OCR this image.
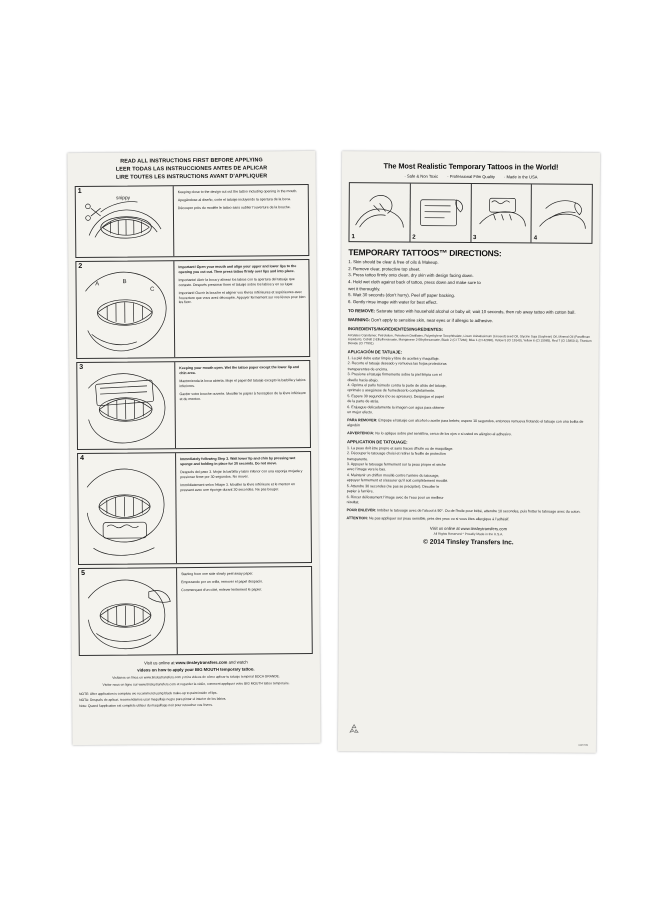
READ ALL INSTRUCTIONS FIRST BEFORE APPLYING
LEER TODAS LAS INSTRUCCIONES ANTES DE APLICAR
LIRE TOUTES LES INSTRUCTIONS AVANT D'APPLIQUER
1
snippy
Keeping close to the design cut out the tattoo including opening in the mouth.
Apegándose al diseño, corte el tatuaje incluyendo la apertura de la boca.
Découper près du modèle le tattoo sans oublier l'ouverture de la bouche.
2
A	B
C
Important! Open your mouth and align your upper and lower lips to the opening you cut out. Then press tattoo firmly over lips and into place.
Importante! Abrir la boca y alinear los labios con la apertura del tatuaje que cortaste. Después presionar firme el tatuaje sobre los labios y en su lugar.
Important! Ouvrir la bouche et aligner vos lèvres inférieures et supérieures avec l'ouverture que vous avez découpée. Appuyer fermement sur vos lèvres pour bien les fixer.
3	Keeping your mouth open. Wet the tattoo paper except the lower lip and chin area.
Mantenienda la boca abierta. Moje el papel del tatuaje excepto la barbilla y labios inferiores.
Garder votre bouche ouverte. Mouiller le papier à l'exception de la lèvre inférieure et du menton.
4	Immediately following Step 3. Wait lower lip and chin by pressing wet sponge and holding in place for 30 seconds. Do not move.
Después del paso 3. Mojar la barbilla y labio inferior con una esponja mojada y presionar firme por 30 segundos. No mover.
Immédiatement selon l'étape 3. Mouiller la lèvre inférieure et le menton en pressant avec une éponge durant 30 secondes. Ne pas bouger.
5	Starting from one side slowly peel away paper.
Empezando por un orilla, remover el papel despacio.
Commençant d'un côté, enlever lentement le papier.
Visit us online at www.tinsleytransfers.com and watch
videos on how to apply your BIG MOUTH temporary tattoo.
Visítanos en línea en www.tinsleytransfers.com y mira videos de cómo aplicar tu tatuaje temporal BOCA GRANDE.
Visiter nous en ligne sur www.tinsleytransfers.com et regarder la vidéo, comment appliquer votre BIG MOUTH tattoo temporaire.
NOTE: After application is complete we recommend using black make-up to paint inside of lips.
NOTA: Después de aplicar, recomendamos usar maquillaje negro para pintar el interior de los labios.
Note: Quand l'application est complète utiliser du maquillage noir pour retoucher vos lèvres.
The Most Realistic Temporary Tattoos in the World!
· Safe & Non Toxic · Professional Film Quality · Made in the USA
1	2	3	4
TEMPORARY TATTOOS™ DIRECTIONS:
1. Skin should be clear & free of oils & Makeup.
2. Remove clear, protective top sheet.
3. Press tattoo firmly onto clean, dry skin with design facing down.
4. Hold wet cloth against back of tattoo, press down and make sure to
wet it thoroughly.
5. Wait 30 seconds (don't hurry). Peel off paper backing.
6. Gently rinse image with water for best effect.
TO REMOVE: Saturate tattoo with household alcohol or baby oil; wait 10 seconds, then rub away tattoo with cotton ball.
WARNING: Don't apply to sensitive skin, near eyes or if allergic to adhesive.
INGREDIENTS/INGREDIENTES/INGREDIENTES:
Acrylates Copolymer, Petrolatum, Petroleum Distillates, Polyethylene Terephthalate, Linum Usitatissimum (Linseed) seed Oil, Glycine Soja (Soybean) Oil, Mineral Oil (Paraffinum Liquidum), Cobalt 2-Ethylhexanoate, Manganese 2-Ethylhexanoate, Black 2 (CI 77266); Blue 1 (CI 42090), Yellow 5 (CI 19140), Yellow 6 (CI 15985), Red 7 (CI 15850:1), Titanium Dioxide (CI 77891)
APLICACIÓN DE TATUAJE:
1. La piel debe estar limpia y libre de aceites y maquillaje.
2. Recorte el tatuaje deseado y remueva las hojas protectoras
transparentes de encima.
3. Presione el tatuaje firmemente sobre la piel limpia con el
diseño hacia abajo.
4. Oprima el paño húmedo contra la parte de atrás del tatuaje,
oprimalo y asegúrese de humedecerlo completamente.
5. Espere 30 segundos (no se apresure). Despegue el papel
de la parte de atrás.
6. Enjuague delicadamente la imagen con agua para obtener
un mejor efecto.
PARA REMOVER: Empape el tatuaje con alcohol o aceite para bebés; espere 10 segundos, entonces remueva frotando el tatuaje con una bolita de algodón
ADVERTENCIA: No lo aplique sobre piel sensitiva, cerca de los ojos o si usted es alérgico al adhesivo.
APPLICATION DE TATOUAGE:
1. La peau doit être propre et sans traces d'huile ou de maquillage.
2. Découper le tatouage choisi et retirer la feuille de protection
transparente.
3. Appuyer le tatouage fermement sur la peau propre et sèche
avec l'image vers le bas.
4. Maintenir un chiffon mouillé contre l'arrière du tatouage,
appuyer fermement et s'assurer qu'il soit complètement mouillé.
5. Attendre 30 secondes (ne pas se précipiter). Décoller le
papier à l'arrière.
6. Rincer délicatement l'image avec de l'eau pour un meilleur
résultat.
POUR ENLEVER: Imbiber le tatouage avec de l'alcool à 90°. Ou de l'huile pour bébé, attendre 10 secondes, puis frotter le tatouage avec du coton.
ATTENTION: Ne pas appliquer sur peau sensible, près des yeux ou si vous êtes allergique à l'adhésif.
Visit us online at www.tinsleytransfers.com
All Rights Reserved * Proudly Made in the U.S.A.
© 2014 Tinsley Transfers Inc.
1116709
